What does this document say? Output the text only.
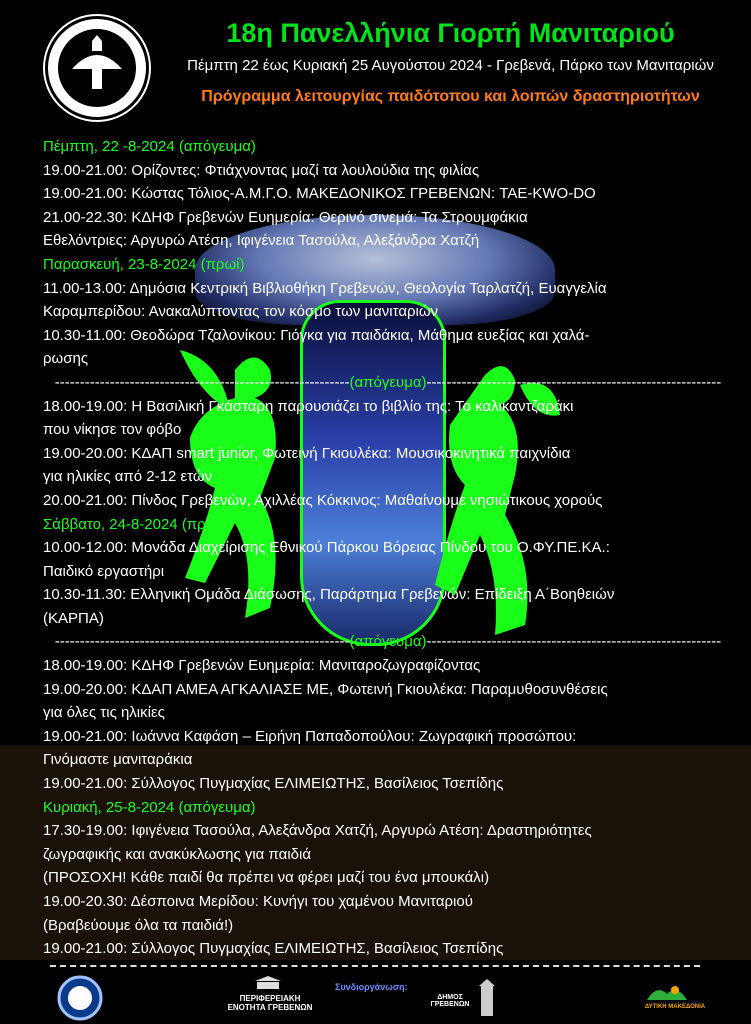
18η Πανελλήνια Γιορτή Μανιταριού
Πέμπτη 22 έως Κυριακή 25 Αυγούστου 2024 - Γρεβενά, Πάρκο των Μανιταριών
Πρόγραμμα λειτουργίας παιδότοπου και λοιπών δραστηριοτήτων
Πέμπτη, 22 -8-2024 (απόγευμα)
19.00-21.00: Ορίζοντες: Φτιάχνοντας μαζί τα λουλούδια της φιλίας
19.00-21.00: Κώστας Τόλιος-Α.Μ.Γ.Ο. ΜΑΚΕΔΟΝΙΚΟΣ ΓΡΕΒΕΝΩΝ: TAE-KWO-DO
21.00-22.30: ΚΔΗΦ Γρεβενών Ευημερία: Θερινό σινεμά: Τα Στρουμφάκια
Εθελόντριες: Αργυρώ Ατέση, Ιφιγένεια Τασούλα, Αλεξάνδρα Χατζή
Παρασκευή, 23-8-2024 (πρωί)
11.00-13.00: Δημόσια Κεντρική Βιβλιοθήκη Γρεβενών, Θεολογία Ταρλατζή, Ευαγγελία
Καραμπερίδου: Ανακαλύπτοντας τον κόσμο των μανιταριών
10.30-11.00: Θεοδώρα Τζαλονίκου: Γιόγκα για παιδάκια, Μάθημα ευεξίας και χαλά-
ρωσης
-----------------------------------------------------------(απόγευμα)-----------------------------------------------------------
18.00-19.00: Η Βασιλική Γκάσταρη παρουσιάζει το βιβλίο της: Το καλικαντζαράκι
που νίκησε τον φόβο
19.00-20.00: ΚΔΑΠ smart junior, Φωτεινή Γκιουλέκα: Μουσικοκινητικά παιχνίδια
για ηλικίες από 2-12 ετών
20.00-21.00: Πίνδος Γρεβενών, Αχιλλέας Κόκκινος: Μαθαίνουμε νησιώτικους χορούς
Σάββατο, 24-8-2024 (πρωί)
10.00-12.00: Μονάδα Διαχείρισης Εθνικού Πάρκου Βόρειας Πίνδου του Ο.ΦΥ.ΠΕ.ΚΑ.:
Παιδικό εργαστήρι
10.30-11.30: Ελληνική Ομάδα Διάσωσης, Παράρτημα Γρεβενών: Επίδειξη Α΄Βοηθειών
(ΚΑΡΠΑ)
-----------------------------------------------------------(απόγευμα)-----------------------------------------------------------
18.00-19.00: ΚΔΗΦ Γρεβενών Ευημερία: Μανιταροζωγραφίζοντας
19.00-20.00: ΚΔΑΠ ΑΜΕΑ ΑΓΚΑΛΙΑΣΕ ΜΕ, Φωτεινή Γκιουλέκα: Παραμυθοσυνθέσεις
για όλες τις ηλικίες
19.00-21.00: Ιωάννα Καφάση – Ειρήνη Παπαδοπούλου: Ζωγραφική προσώπου:
Γινόμαστε μανιταράκια
19.00-21.00: Σύλλογος Πυγμαχίας ΕΛΙΜΕΙΩΤΗΣ, Βασίλειος Τσεπίδης
Κυριακή, 25-8-2024 (απόγευμα)
17.30-19.00: Ιφιγένεια Τασούλα, Αλεξάνδρα Χατζή, Αργυρώ Ατέση: Δραστηριότητες
ζωγραφικής και ανακύκλωσης για παιδιά
(ΠΡΟΣΟΧΗ! Κάθε παιδί θα πρέπει να φέρει μαζί του ένα μπουκάλι)
19.00-20.30: Δέσποινα Μερίδου: Κυνήγι του χαμένου Μανιταριού
(Βραβεύουμε όλα τα παιδιά!)
19.00-21.00: Σύλλογος Πυγμαχίας ΕΛΙΜΕΙΩΤΗΣ, Βασίλειος Τσεπίδης
ΠΕΡΙΦΕΡΕΙΑΚΗ
ΕΝΟΤΗΤΑ ΓΡΕΒΕΝΩΝ
Συνδιοργάνωση:
ΔΗΜΟΣ ΓΡΕΒΕΝΩΝ	ΔΥΤΙΚΗ ΜΑΚΕΔΟΝΙΑ
